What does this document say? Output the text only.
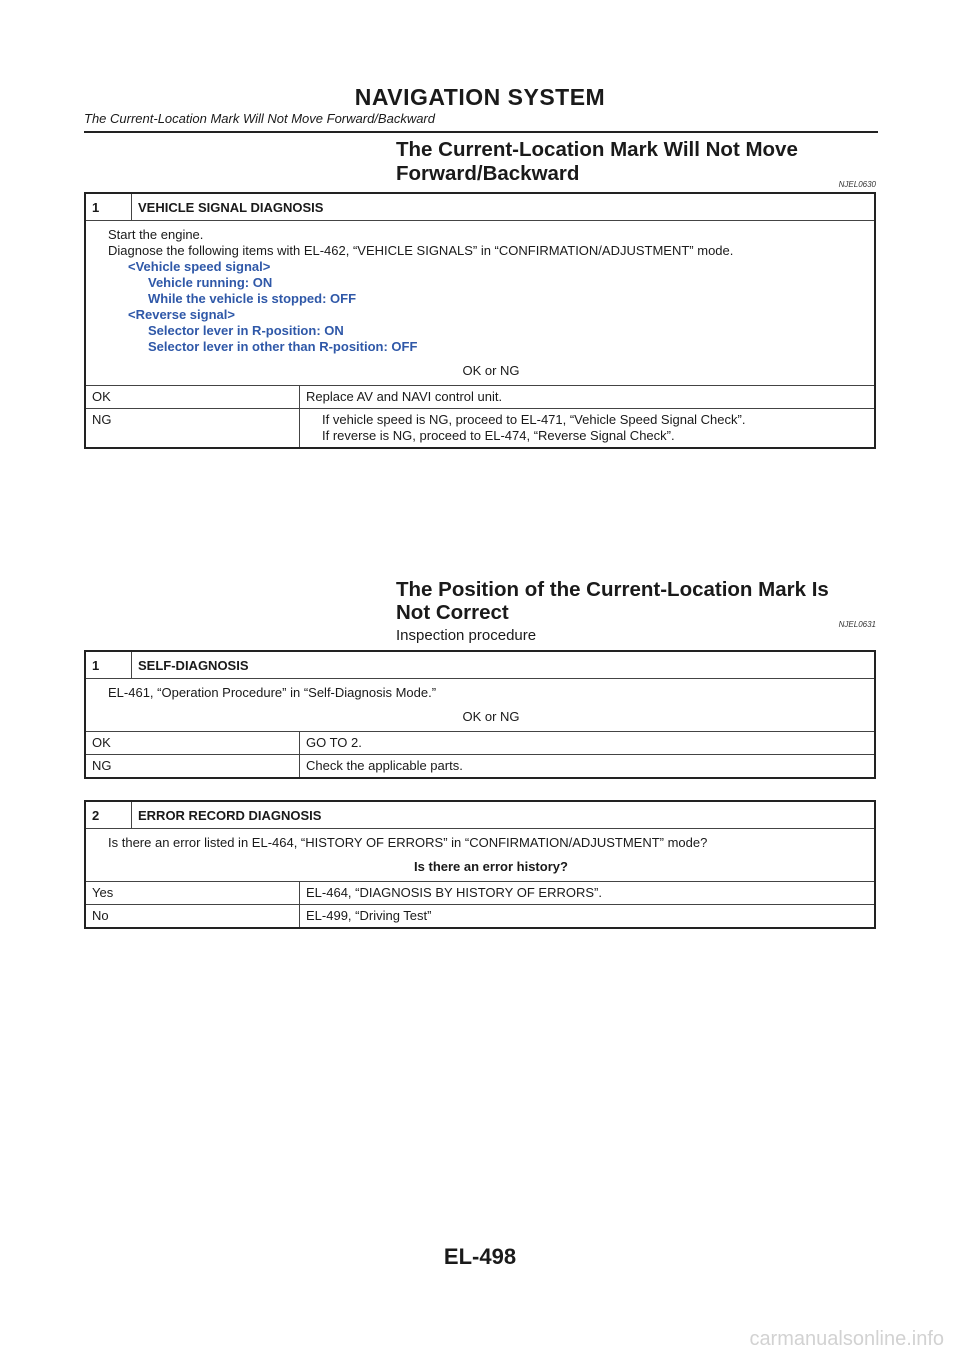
NAVIGATION SYSTEM
The Current-Location Mark Will Not Move Forward/Backward
The Current-Location Mark Will Not Move
Forward/Backward	NJEL0630
1	VEHICLE SIGNAL DIAGNOSIS
Start the engine.
Diagnose the following items with EL-462, “VEHICLE SIGNALS” in “CONFIRMATION/ADJUSTMENT” mode.
<Vehicle speed signal>
Vehicle running: ON
While the vehicle is stopped: OFF
<Reverse signal>
Selector lever in R-position: ON
Selector lever in other than R-position: OFF
OK or NG
OK	Replace AV and NAVI control unit.
NG	If vehicle speed is NG, proceed to EL-471, “Vehicle Speed Signal Check”.
If reverse is NG, proceed to EL-474, “Reverse Signal Check”.
The Position of the Current-Location Mark Is
Not Correct
NJEL0631
Inspection procedure
1	SELF-DIAGNOSIS
EL-461, “Operation Procedure” in “Self-Diagnosis Mode.”
OK or NG
OK	GO TO 2.
NG	Check the applicable parts.
2	ERROR RECORD DIAGNOSIS
Is there an error listed in EL-464, “HISTORY OF ERRORS” in “CONFIRMATION/ADJUSTMENT” mode?
Is there an error history?
Yes	EL-464, “DIAGNOSIS BY HISTORY OF ERRORS”.
No	EL-499, “Driving Test”
EL-498
carmanualsonline.info
